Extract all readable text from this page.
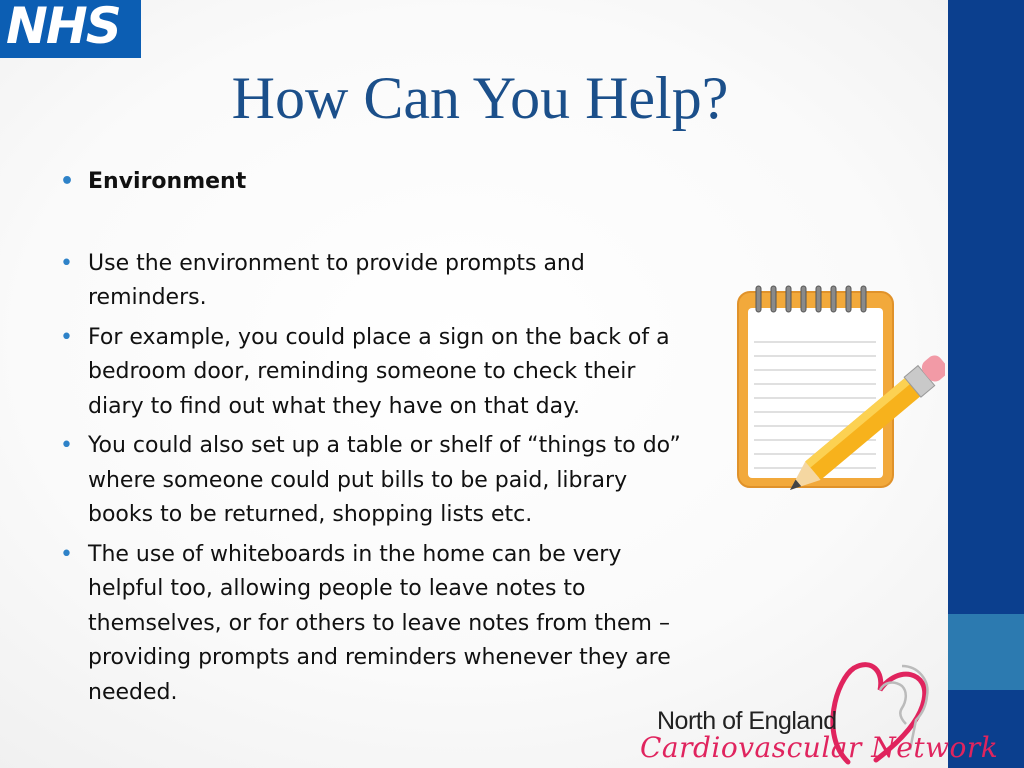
NHS
How Can You Help?
• Environment
• Use the environment to provide prompts and reminders.
• For example, you could place a sign on the back of a bedroom door, reminding someone to check their diary to find out what they have on that day.
• You could also set up a table or shelf of “things to do” where someone could put bills to be paid, library books to be returned, shopping lists etc.
• The use of whiteboards in the home can be very helpful too, allowing people to leave notes to themselves, or for others to leave notes from them – providing prompts and reminders whenever they are needed.
North of England
Cardiovascular Network
